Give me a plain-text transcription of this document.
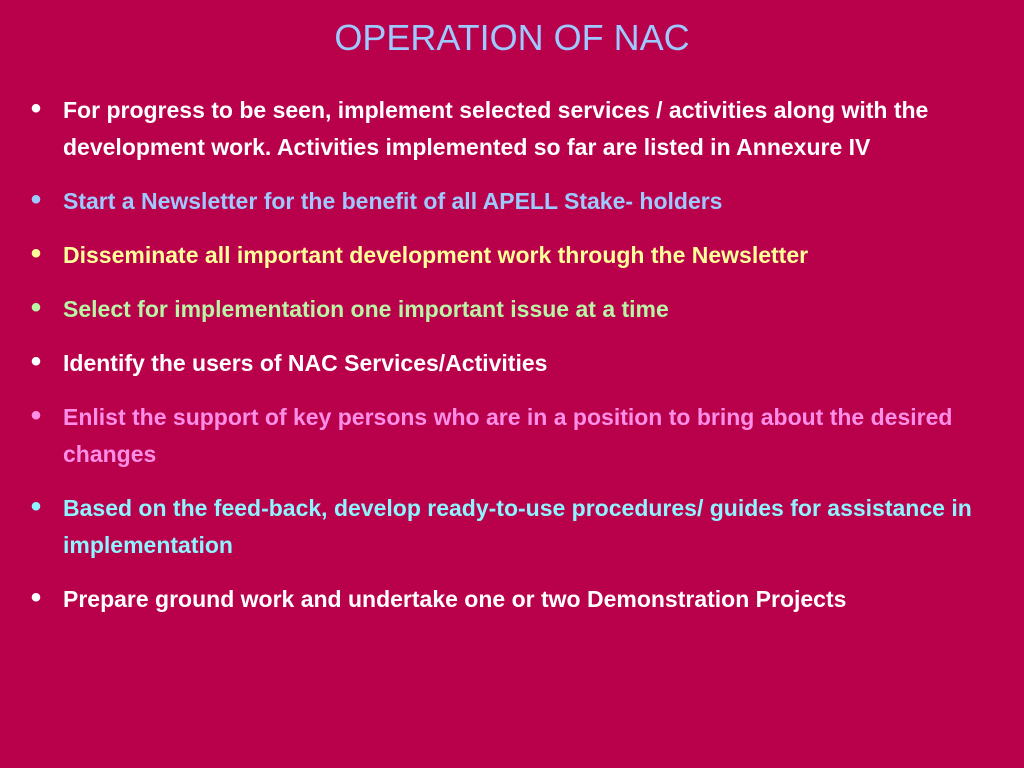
OPERATION OF NAC
• For progress to be seen, implement selected services / activities along with the development work. Activities implemented so far are listed in Annexure IV
• Start a Newsletter for the benefit of all APELL Stake- holders
• Disseminate all important development work through the Newsletter
• Select for implementation one important issue at a time
• Identify the users of NAC Services/Activities
• Enlist the support of key persons who are in a position to bring about the desired changes
• Based on the feed-back, develop ready-to-use procedures/ guides for assistance in implementation
• Prepare ground work and undertake one or two Demonstration Projects
